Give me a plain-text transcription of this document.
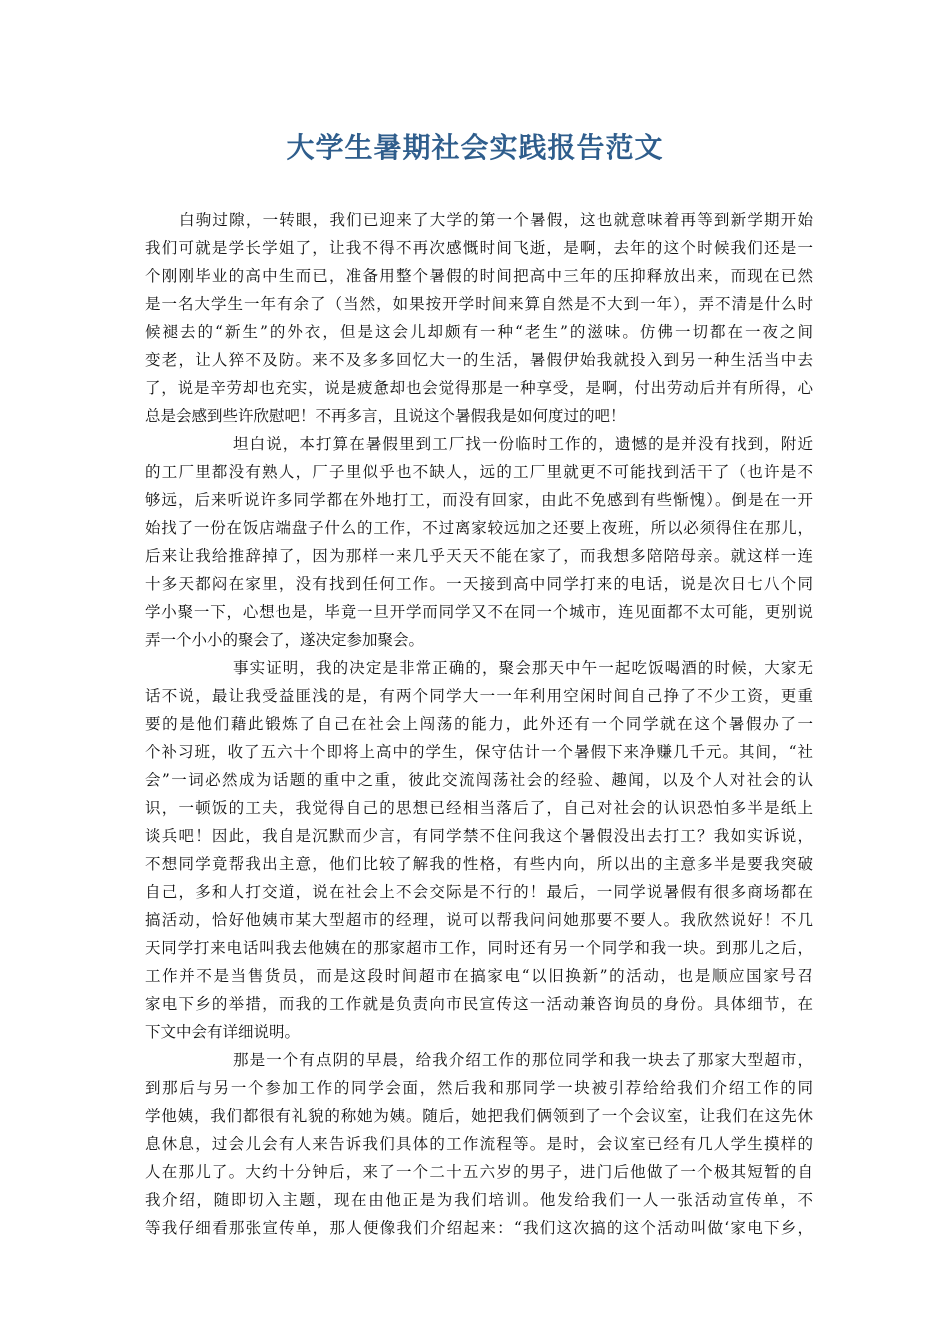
大学生暑期社会实践报告范文
白驹过隙，一转眼，我们已迎来了大学的第一个暑假，这也就意味着再等到新学期开始
我们可就是学长学姐了，让我不得不再次感慨时间飞逝，是啊，去年的这个时候我们还是一
个刚刚毕业的高中生而已，准备用整个暑假的时间把高中三年的压抑释放出来，而现在已然
是一名大学生一年有余了（当然，如果按开学时间来算自然是不大到一年），弄不清是什么时
候褪去的“新生”的外衣，但是这会儿却颇有一种“老生”的滋味。仿佛一切都在一夜之间
变老，让人猝不及防。来不及多多回忆大一的生活，暑假伊始我就投入到另一种生活当中去
了，说是辛劳却也充实，说是疲惫却也会觉得那是一种享受，是啊，付出劳动后并有所得，心
总是会感到些许欣慰吧！不再多言，且说这个暑假我是如何度过的吧！
坦白说，本打算在暑假里到工厂找一份临时工作的，遗憾的是并没有找到，附近
的工厂里都没有熟人，厂子里似乎也不缺人，远的工厂里就更不可能找到活干了（也许是不
够远，后来听说许多同学都在外地打工，而没有回家，由此不免感到有些惭愧）。倒是在一开
始找了一份在饭店端盘子什么的工作，不过离家较远加之还要上夜班，所以必须得住在那儿，
后来让我给推辞掉了，因为那样一来几乎天天不能在家了，而我想多陪陪母亲。就这样一连
十多天都闷在家里，没有找到任何工作。一天接到高中同学打来的电话，说是次日七八个同
学小聚一下，心想也是，毕竟一旦开学而同学又不在同一个城市，连见面都不太可能，更别说
弄一个小小的聚会了，遂决定参加聚会。
事实证明，我的决定是非常正确的，聚会那天中午一起吃饭喝酒的时候，大家无
话不说，最让我受益匪浅的是，有两个同学大一一年利用空闲时间自己挣了不少工资，更重
要的是他们藉此锻炼了自己在社会上闯荡的能力，此外还有一个同学就在这个暑假办了一
个补习班，收了五六十个即将上高中的学生，保守估计一个暑假下来净赚几千元。其间，“社
会”一词必然成为话题的重中之重，彼此交流闯荡社会的经验、趣闻，以及个人对社会的认
识，一顿饭的工夫，我觉得自己的思想已经相当落后了，自己对社会的认识恐怕多半是纸上
谈兵吧！因此，我自是沉默而少言，有同学禁不住问我这个暑假没出去打工？我如实诉说，
不想同学竟帮我出主意，他们比较了解我的性格，有些内向，所以出的主意多半是要我突破
自己，多和人打交道，说在社会上不会交际是不行的！最后，一同学说暑假有很多商场都在
搞活动，恰好他姨市某大型超市的经理，说可以帮我问问她那要不要人。我欣然说好！不几
天同学打来电话叫我去他姨在的那家超市工作，同时还有另一个同学和我一块。到那儿之后，
工作并不是当售货员，而是这段时间超市在搞家电“以旧换新”的活动，也是顺应国家号召
家电下乡的举措，而我的工作就是负责向市民宣传这一活动兼咨询员的身份。具体细节，在
下文中会有详细说明。
那是一个有点阴的早晨，给我介绍工作的那位同学和我一块去了那家大型超市，
到那后与另一个参加工作的同学会面，然后我和那同学一块被引荐给给我们介绍工作的同
学他姨，我们都很有礼貌的称她为姨。随后，她把我们俩领到了一个会议室，让我们在这先休
息休息，过会儿会有人来告诉我们具体的工作流程等。是时，会议室已经有几人学生摸样的
人在那儿了。大约十分钟后，来了一个二十五六岁的男子，进门后他做了一个极其短暂的自
我介绍，随即切入主题，现在由他正是为我们培训。他发给我们一人一张活动宣传单，不
等我仔细看那张宣传单，那人便像我们介绍起来：“我们这次搞的这个活动叫做‘家电下乡，
